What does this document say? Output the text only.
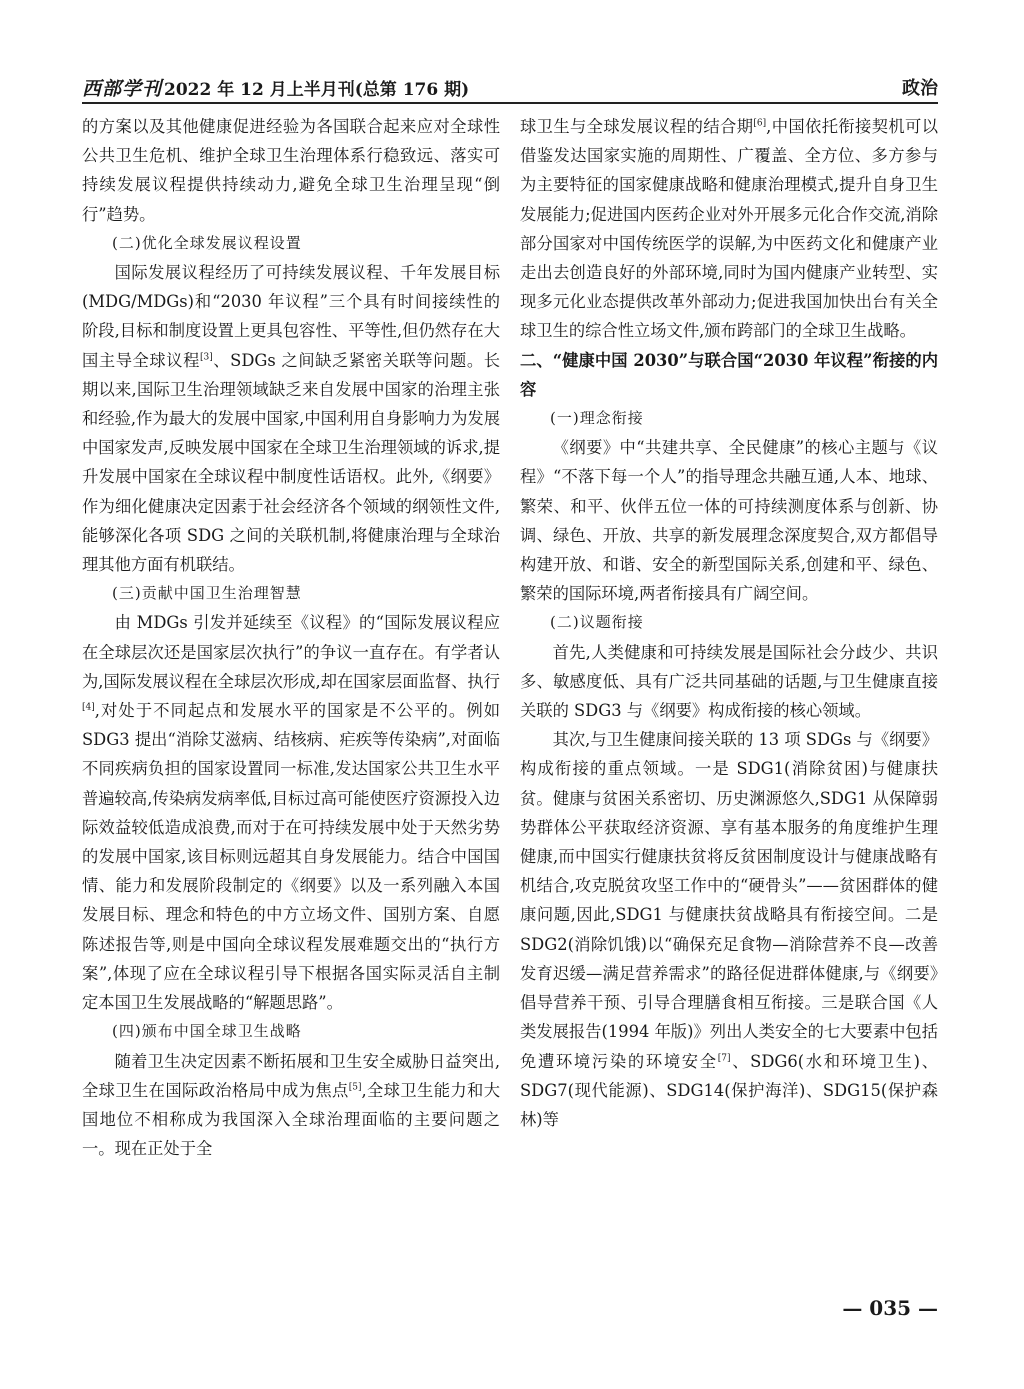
西部学刊 2022 年 12 月上半月刊(总第 176 期)	政治

的方案以及其他健康促进经验为各国联合起来应对全球性公共卫生危机、维护全球卫生治理体系行稳致远、落实可持续发展议程提供持续动力,避免全球卫生治理呈现“倒行”趋势。

(二)优化全球发展议程设置

国际发展议程经历了可持续发展议程、千年发展目标(MDG/MDGs)和“2030 年议程”三个具有时间接续性的阶段,目标和制度设置上更具包容性、平等性,但仍然存在大国主导全球议程[3]、SDGs 之间缺乏紧密关联等问题。长期以来,国际卫生治理领域缺乏来自发展中国家的治理主张和经验,作为最大的发展中国家,中国利用自身影响力为发展中国家发声,反映发展中国家在全球卫生治理领域的诉求,提升发展中国家在全球议程中制度性话语权。此外,《纲要》作为细化健康决定因素于社会经济各个领域的纲领性文件,能够深化各项 SDG 之间的关联机制,将健康治理与全球治理其他方面有机联结。

(三)贡献中国卫生治理智慧

由 MDGs 引发并延续至《议程》的“国际发展议程应在全球层次还是国家层次执行”的争议一直存在。有学者认为,国际发展议程在全球层次形成,却在国家层面监督、执行[4],对处于不同起点和发展水平的国家是不公平的。例如 SDG3 提出“消除艾滋病、结核病、疟疾等传染病”,对面临不同疾病负担的国家设置同一标准,发达国家公共卫生水平普遍较高,传染病发病率低,目标过高可能使医疗资源投入边际效益较低造成浪费,而对于在可持续发展中处于天然劣势的发展中国家,该目标则远超其自身发展能力。结合中国国情、能力和发展阶段制定的《纲要》以及一系列融入本国发展目标、理念和特色的中方立场文件、国别方案、自愿陈述报告等,则是中国向全球议程发展难题交出的“执行方案”,体现了应在全球议程引导下根据各国实际灵活自主制定本国卫生发展战略的“解题思路”。

(四)颁布中国全球卫生战略

随着卫生决定因素不断拓展和卫生安全威胁日益突出,全球卫生在国际政治格局中成为焦点[5],全球卫生能力和大国地位不相称成为我国深入全球治理面临的主要问题之一。现在正处于全

球卫生与全球发展议程的结合期[6],中国依托衔接契机可以借鉴发达国家实施的周期性、广覆盖、全方位、多方参与为主要特征的国家健康战略和健康治理模式,提升自身卫生发展能力;促进国内医药企业对外开展多元化合作交流,消除部分国家对中国传统医学的误解,为中医药文化和健康产业走出去创造良好的外部环境,同时为国内健康产业转型、实现多元化业态提供改革外部动力;促进我国加快出台有关全球卫生的综合性立场文件,颁布跨部门的全球卫生战略。

二、“健康中国 2030”与联合国“2030 年议程”衔接的内容

(一)理念衔接

《纲要》中“共建共享、全民健康”的核心主题与《议程》“不落下每一个人”的指导理念共融互通,人本、地球、繁荣、和平、伙伴五位一体的可持续测度体系与创新、协调、绿色、开放、共享的新发展理念深度契合,双方都倡导构建开放、和谐、安全的新型国际关系,创建和平、绿色、繁荣的国际环境,两者衔接具有广阔空间。

(二)议题衔接

首先,人类健康和可持续发展是国际社会分歧少、共识多、敏感度低、具有广泛共同基础的话题,与卫生健康直接关联的 SDG3 与《纲要》构成衔接的核心领域。

其次,与卫生健康间接关联的 13 项 SDGs 与《纲要》构成衔接的重点领域。一是 SDG1(消除贫困)与健康扶贫。健康与贫困关系密切、历史渊源悠久,SDG1 从保障弱势群体公平获取经济资源、享有基本服务的角度维护生理健康,而中国实行健康扶贫将反贫困制度设计与健康战略有机结合,攻克脱贫攻坚工作中的“硬骨头”——贫困群体的健康问题,因此,SDG1 与健康扶贫战略具有衔接空间。二是 SDG2(消除饥饿)以“确保充足食物—消除营养不良—改善发育迟缓—满足营养需求”的路径促进群体健康,与《纲要》倡导营养干预、引导合理膳食相互衔接。三是联合国《人类发展报告(1994 年版)》列出人类安全的七大要素中包括免遭环境污染的环境安全[7]、SDG6(水和环境卫生)、SDG7(现代能源)、SDG14(保护海洋)、SDG15(保护森林)等

— 035 —
